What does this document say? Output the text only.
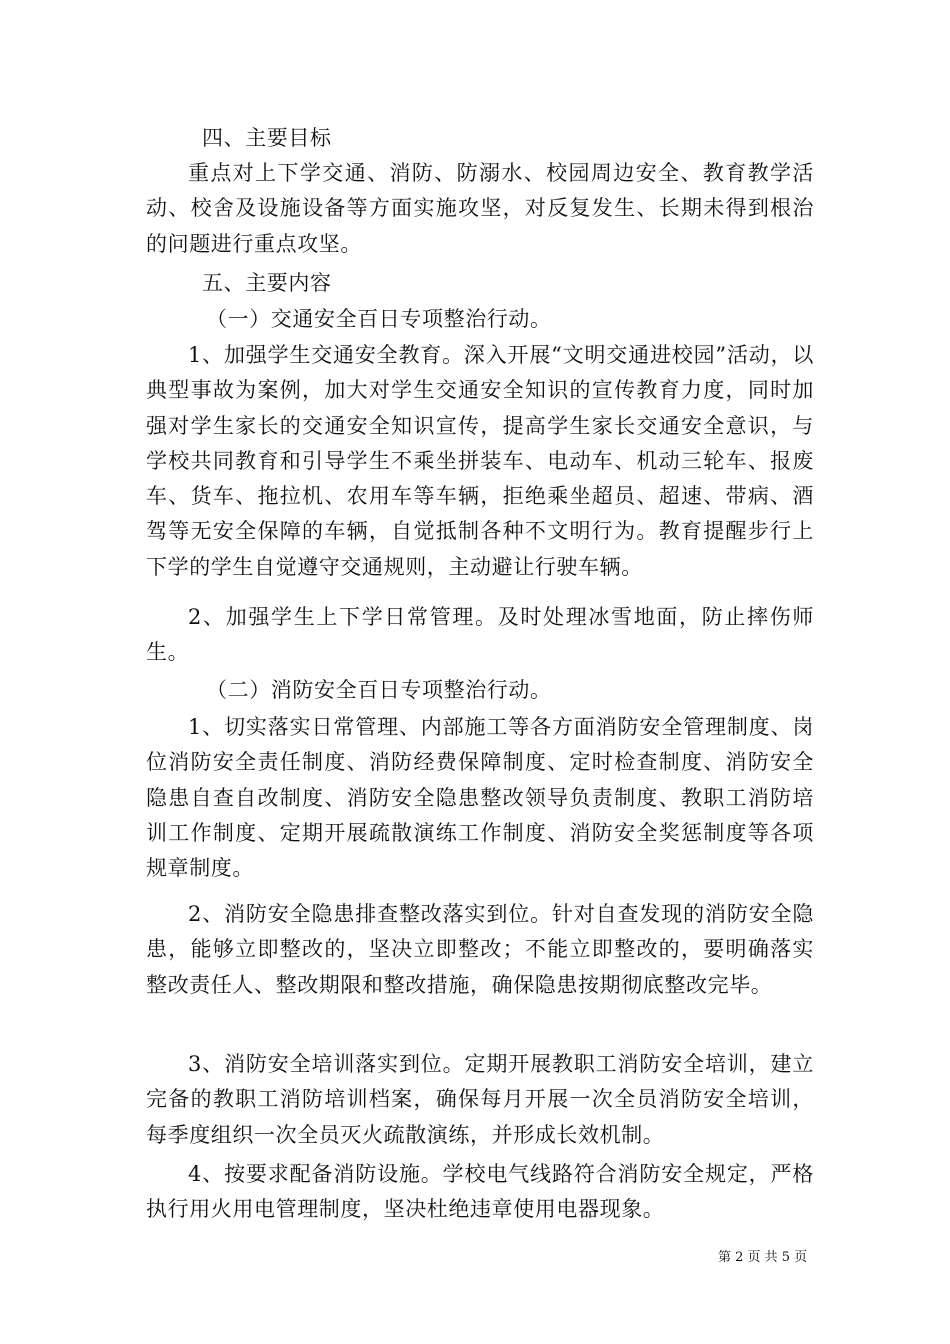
四、主要目标

重点对上下学交通、消防、防溺水、校园周边安全、教育教学活动、校舍及设施设备等方面实施攻坚，对反复发生、长期未得到根治的问题进行重点攻坚。

五、主要内容

（一）交通安全百日专项整治行动。

1、加强学生交通安全教育。深入开展“文明交通进校园”活动，以典型事故为案例，加大对学生交通安全知识的宣传教育力度，同时加强对学生家长的交通安全知识宣传，提高学生家长交通安全意识，与学校共同教育和引导学生不乘坐拼装车、电动车、机动三轮车、报废车、货车、拖拉机、农用车等车辆，拒绝乘坐超员、超速、带病、酒驾等无安全保障的车辆，自觉抵制各种不文明行为。教育提醒步行上下学的学生自觉遵守交通规则，主动避让行驶车辆。

2、加强学生上下学日常管理。及时处理冰雪地面，防止摔伤师生。

（二）消防安全百日专项整治行动。

1、切实落实日常管理、内部施工等各方面消防安全管理制度、岗位消防安全责任制度、消防经费保障制度、定时检查制度、消防安全隐患自查自改制度、消防安全隐患整改领导负责制度、教职工消防培训工作制度、定期开展疏散演练工作制度、消防安全奖惩制度等各项规章制度。

2、消防安全隐患排查整改落实到位。针对自查发现的消防安全隐患，能够立即整改的，坚决立即整改；不能立即整改的，要明确落实整改责任人、整改期限和整改措施，确保隐患按期彻底整改完毕。

3、消防安全培训落实到位。定期开展教职工消防安全培训，建立完备的教职工消防培训档案，确保每月开展一次全员消防安全培训，每季度组织一次全员灭火疏散演练，并形成长效机制。

4、按要求配备消防设施。学校电气线路符合消防安全规定，严格执行用火用电管理制度，坚决杜绝违章使用电器现象。

第 2 页 共 5 页
